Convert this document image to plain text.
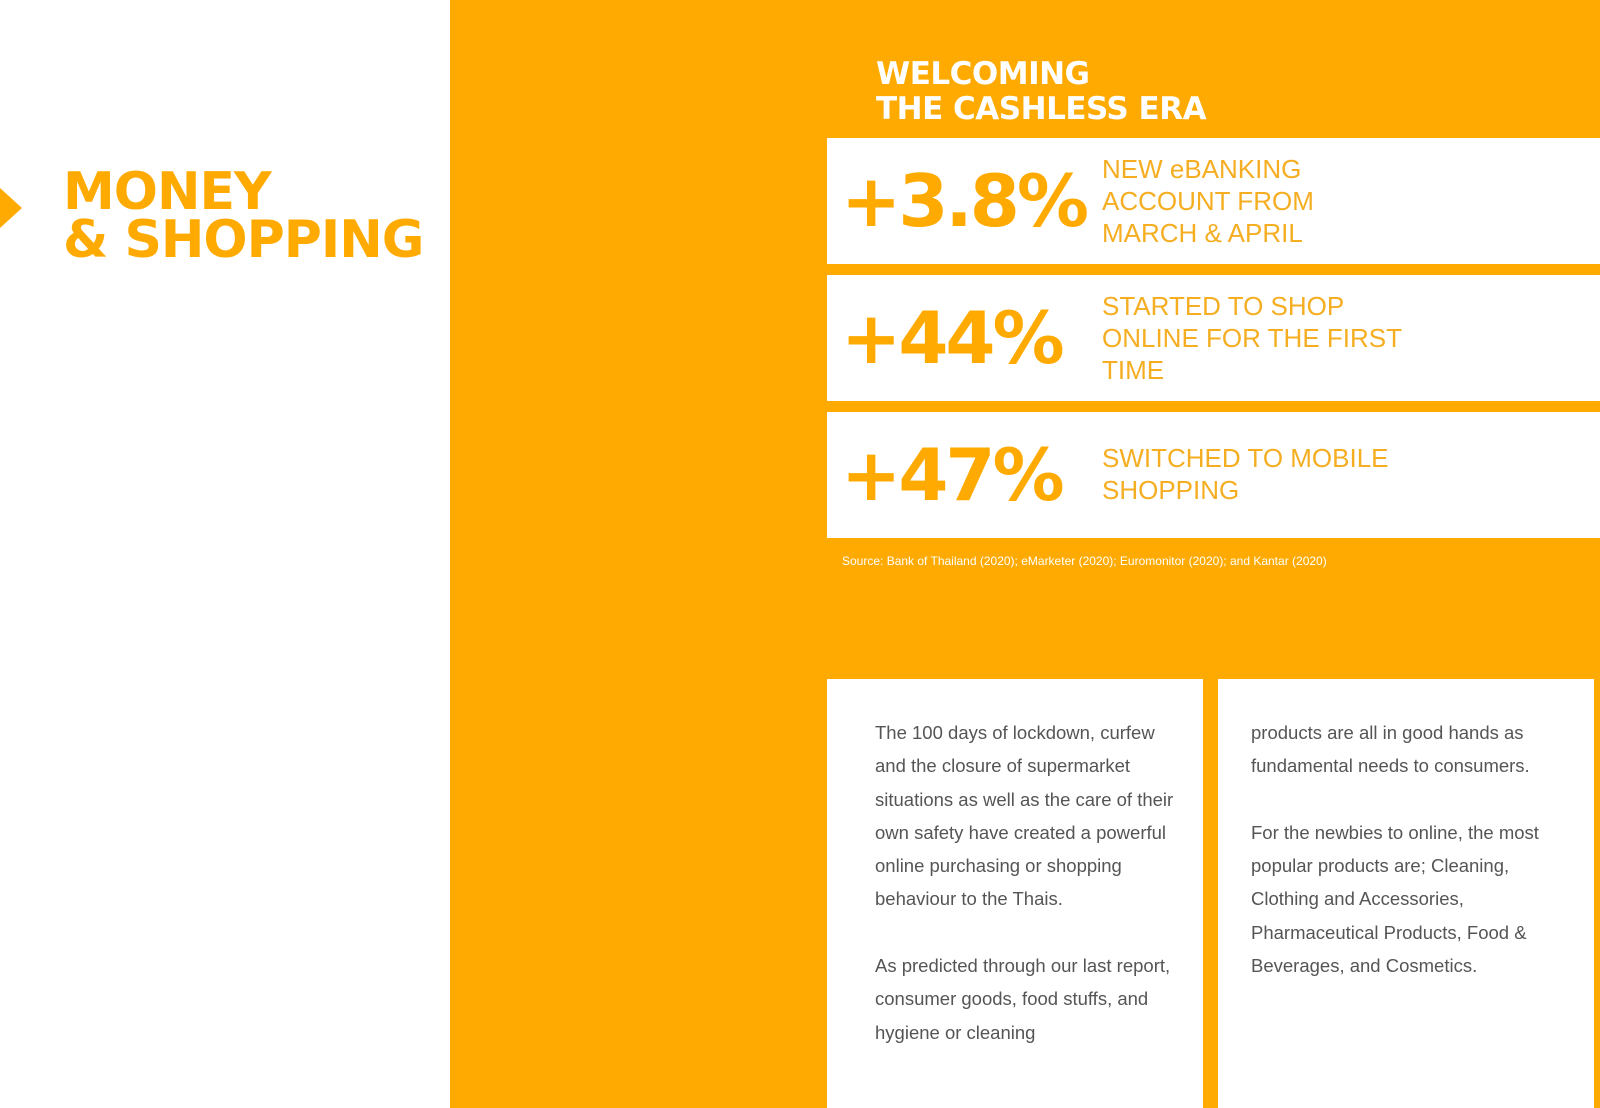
MONEY
& SHOPPING
WELCOMING
THE CASHLESS ERA
+3.8% NEW eBANKING
ACCOUNT FROM
MARCH & APRIL
+44% STARTED TO SHOP
ONLINE FOR THE FIRST
TIME
+47% SWITCHED TO MOBILE
SHOPPING
Source: Bank of Thailand (2020); eMarketer (2020); Euromonitor (2020); and Kantar (2020)

The 100 days of lockdown, curfew and the closure of supermarket situations as well as the care of their own safety have created a powerful online purchasing or shopping behaviour to the Thais.

As predicted through our last report, consumer goods, food stuffs, and hygiene or cleaning

products are all in good hands as fundamental needs to consumers.

For the newbies to online, the most popular products are; Cleaning, Clothing and Accessories, Pharmaceutical Products, Food & Beverages, and Cosmetics.
